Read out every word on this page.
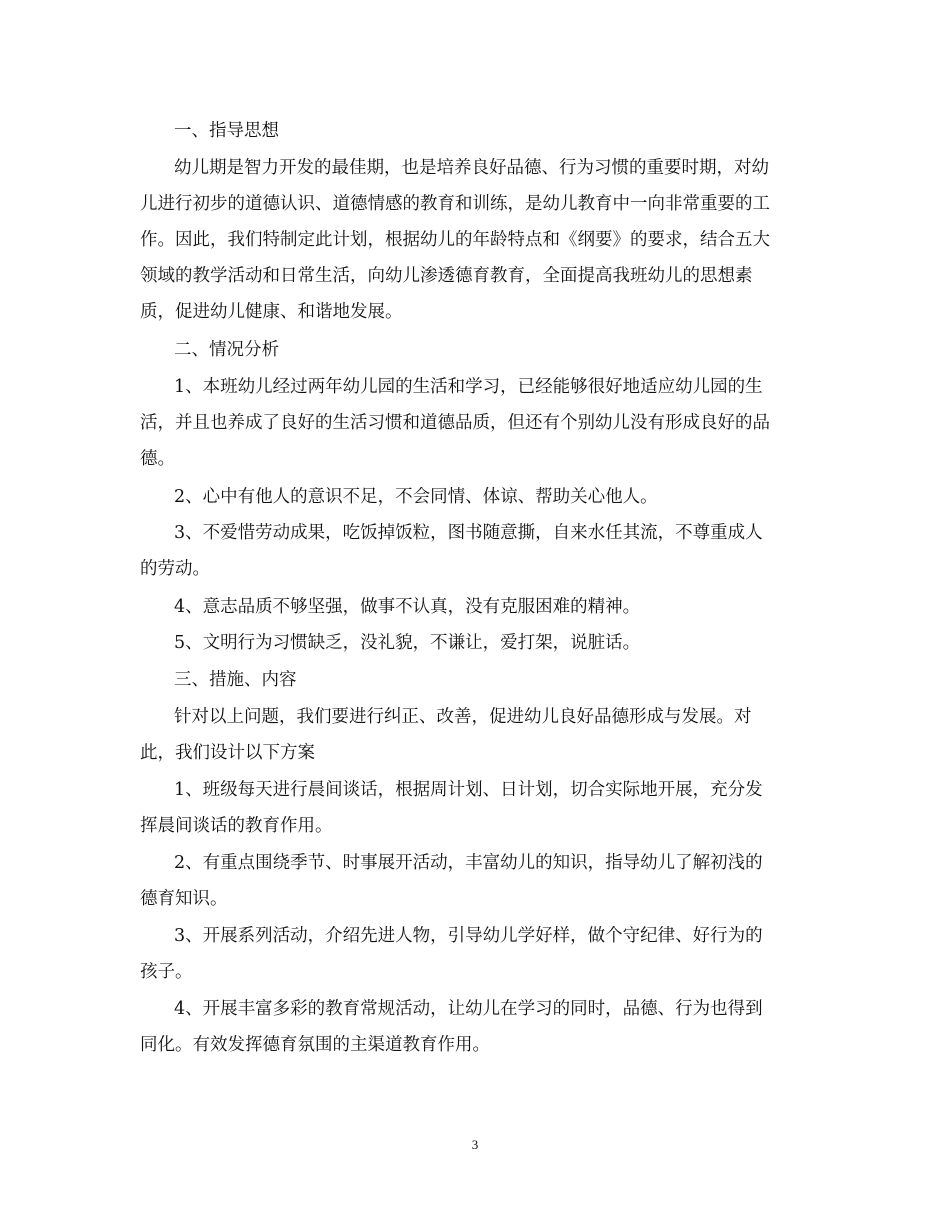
一、指导思想
幼儿期是智力开发的最佳期，也是培养良好品德、行为习惯的重要时期，对幼
儿进行初步的道德认识、道德情感的教育和训练，是幼儿教育中一向非常重要的工
作。因此，我们特制定此计划，根据幼儿的年龄特点和《纲要》的要求，结合五大
领域的教学活动和日常生活，向幼儿渗透德育教育，全面提高我班幼儿的思想素
质，促进幼儿健康、和谐地发展。
二、情况分析
1、本班幼儿经过两年幼儿园的生活和学习，已经能够很好地适应幼儿园的生
活，并且也养成了良好的生活习惯和道德品质，但还有个别幼儿没有形成良好的品
德。
2、心中有他人的意识不足，不会同情、体谅、帮助关心他人。
3、不爱惜劳动成果，吃饭掉饭粒，图书随意撕，自来水任其流，不尊重成人
的劳动。
4、意志品质不够坚强，做事不认真，没有克服困难的精神。
5、文明行为习惯缺乏，没礼貌，不谦让，爱打架，说脏话。
三、措施、内容
针对以上问题，我们要进行纠正、改善，促进幼儿良好品德形成与发展。对
此，我们设计以下方案
1、班级每天进行晨间谈话，根据周计划、日计划，切合实际地开展，充分发
挥晨间谈话的教育作用。
2、有重点围绕季节、时事展开活动，丰富幼儿的知识，指导幼儿了解初浅的
德育知识。
3、开展系列活动，介绍先进人物，引导幼儿学好样，做个守纪律、好行为的
孩子。
4、开展丰富多彩的教育常规活动，让幼儿在学习的同时，品德、行为也得到
同化。有效发挥德育氛围的主渠道教育作用。
3
